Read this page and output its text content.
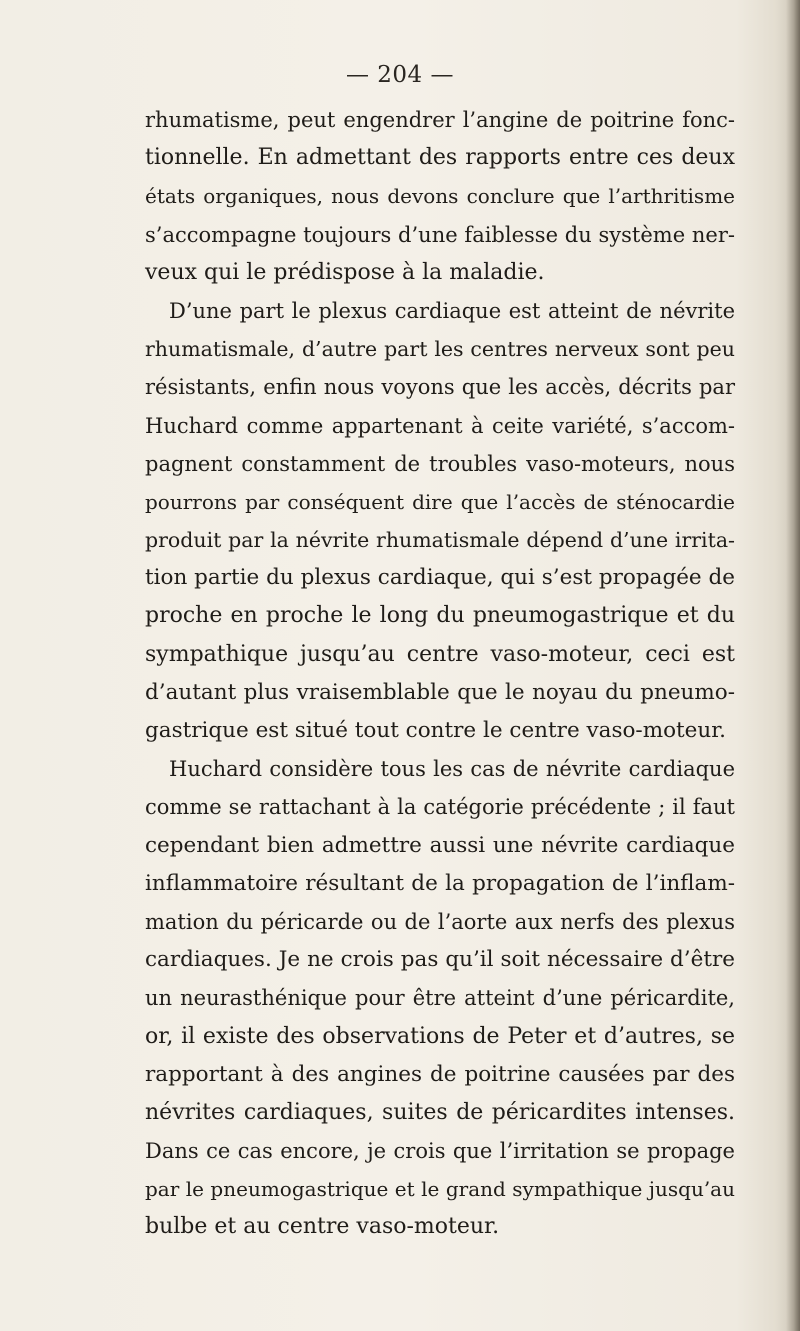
— 204 —
rhumatisme, peut engendrer l’angine de poitrine fonc-
tionnelle. En admettant des rapports entre ces deux
états organiques, nous devons conclure que l’arthritisme
s’accompagne toujours d’une faiblesse du système ner-
veux qui le prédispose à la maladie.
D’une part le plexus cardiaque est atteint de névrite
rhumatismale, d’autre part les centres nerveux sont peu
résistants, enfin nous voyons que les accès, décrits par
Huchard comme appartenant à ceite variété, s’accom-
pagnent constamment de troubles vaso-moteurs, nous
pourrons par conséquent dire que l’accès de sténocardie
produit par la névrite rhumatismale dépend d’une irrita-
tion partie du plexus cardiaque, qui s’est propagée de
proche en proche le long du pneumogastrique et du
sympathique jusqu’au centre vaso-moteur, ceci est
d’autant plus vraisemblable que le noyau du pneumo-
gastrique est situé tout contre le centre vaso-moteur.
Huchard considère tous les cas de névrite cardiaque
comme se rattachant à la catégorie précédente ; il faut
cependant bien admettre aussi une névrite cardiaque
inflammatoire résultant de la propagation de l’inflam-
mation du péricarde ou de l’aorte aux nerfs des plexus
cardiaques. Je ne crois pas qu’il soit nécessaire d’être
un neurasthénique pour être atteint d’une péricardite,
or, il existe des observations de Peter et d’autres, se
rapportant à des angines de poitrine causées par des
névrites cardiaques, suites de péricardites intenses.
Dans ce cas encore, je crois que l’irritation se propage
par le pneumogastrique et le grand sympathique jusqu’au
bulbe et au centre vaso-moteur.
